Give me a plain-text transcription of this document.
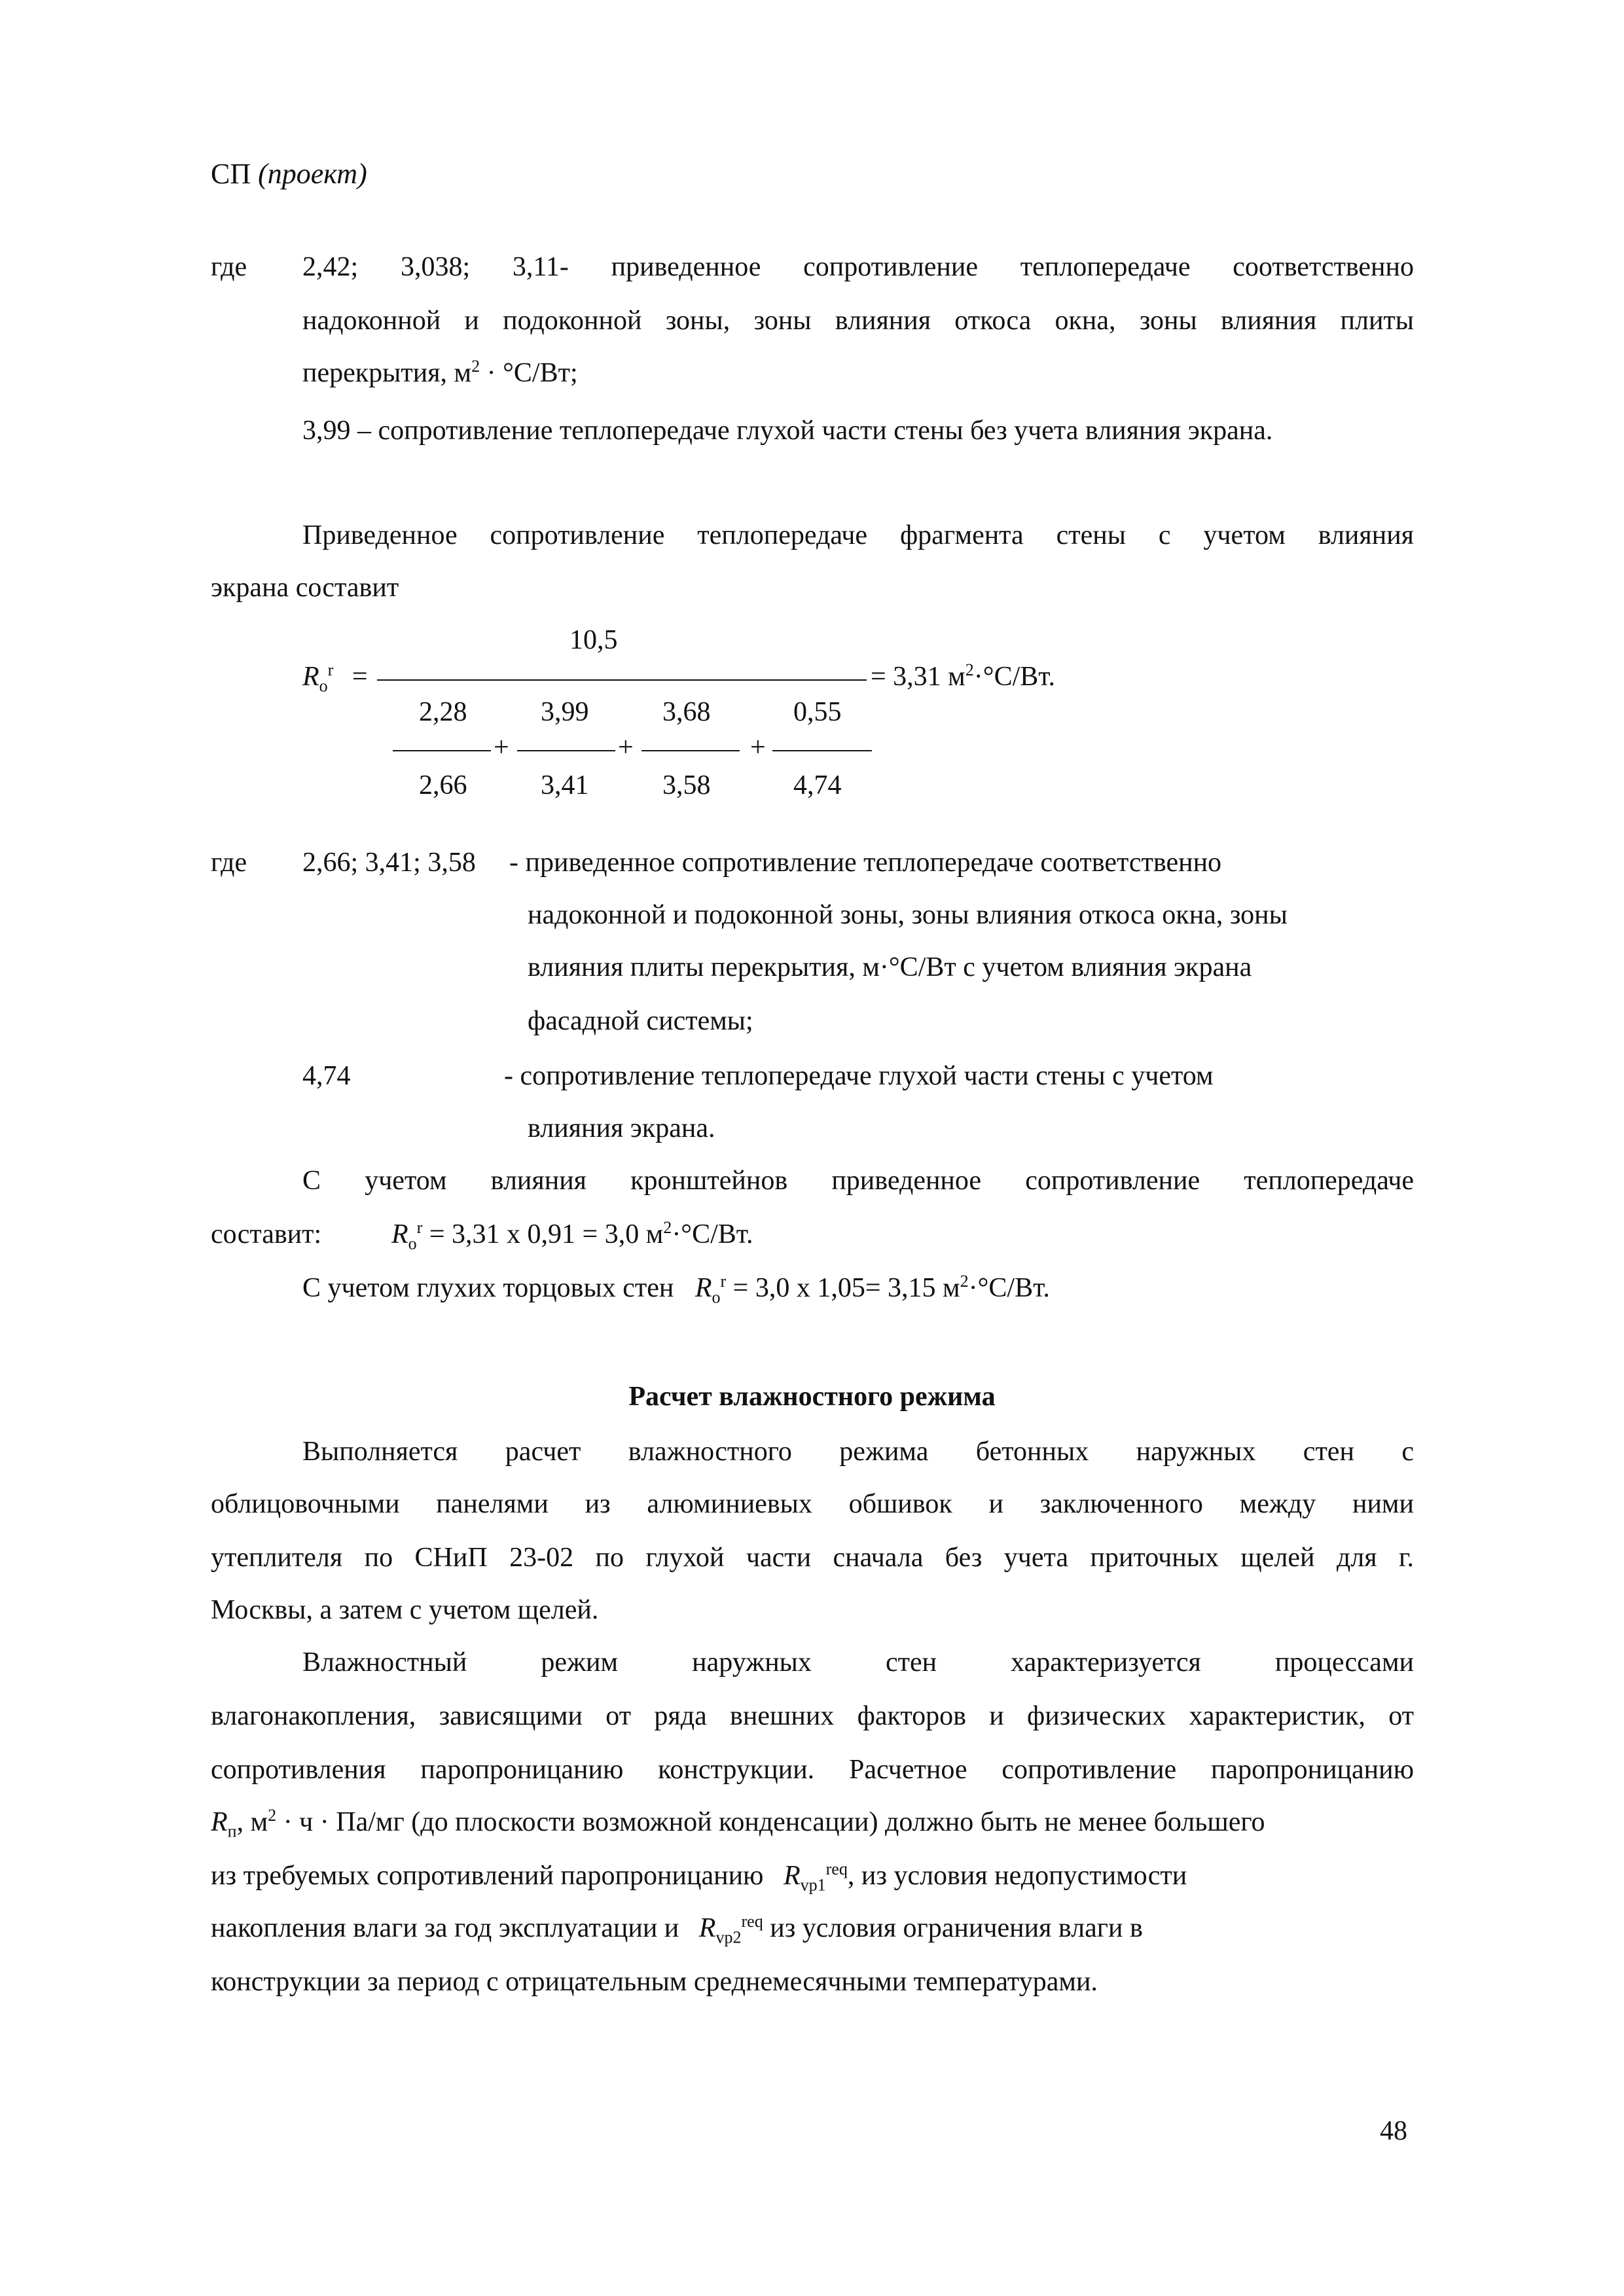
СП (проект)
где 2,42; 3,038; 3,11- приведенное сопротивление теплопередаче соответственно
надоконной и подоконной зоны, зоны влияния откоса окна, зоны влияния плиты
перекрытия, $м^2 \cdot ^\circ С/Вт$;
3,99 – сопротивление теплопередаче глухой части стены без учета влияния экрана.
Приведенное сопротивление теплопередаче фрагмента стены с учетом влияния
экрана составит
10,5
$R_o^r$ =	= 3,31 $м^2\cdot^\circ С/Вт$.
2,28	3,99	3,68	0,55
+	+	+
2,66	3,41	3,58	4,74
где 2,66; 3,41; 3,58 - приведенное сопротивление теплопередаче соответственно
надоконной и подоконной зоны, зоны влияния откоса окна, зоны
влияния плиты перекрытия, м·°С/Вт с учетом влияния экрана
фасадной системы;
4,74	- сопротивление теплопередаче глухой части стены с учетом
влияния экрана.
С учетом влияния кронштейнов приведенное сопротивление теплопередаче
составит:	$R_o^r = 3,31$ х 0,91 = 3,0 $м^2\cdot^\circ С/Вт$.
С учетом глухих торцовых стен $R_o^r = 3,0$ х 1,05= 3,15 $м^2\cdot^\circ С/Вт$.
Расчет влажностного режима
Выполняется расчет влажностного режима бетонных наружных стен с
облицовочными панелями из алюминиевых обшивок и заключенного между ними
утеплителя по СНиП 23-02 по глухой части сначала без учета приточных щелей для г.
Москвы, а затем с учетом щелей.
Влажностный режим наружных стен характеризуется процессами
влагонакопления, зависящими от ряда внешних факторов и физических характеристик, от
сопротивления паропроницанию конструкции. Расчетное сопротивление паропроницанию
$R_п$, $м^2 \cdot ч \cdot Па/мг$ (до плоскости возможной конденсации) должно быть не менее большего
из требуемых сопротивлений паропроницанию $R_{vp1}^{req}$, из условия недопустимости
накопления влаги за год эксплуатации и $R_{vp2}^{req}$ из условия ограничения влаги в
конструкции за период с отрицательным среднемесячными температурами.
48
